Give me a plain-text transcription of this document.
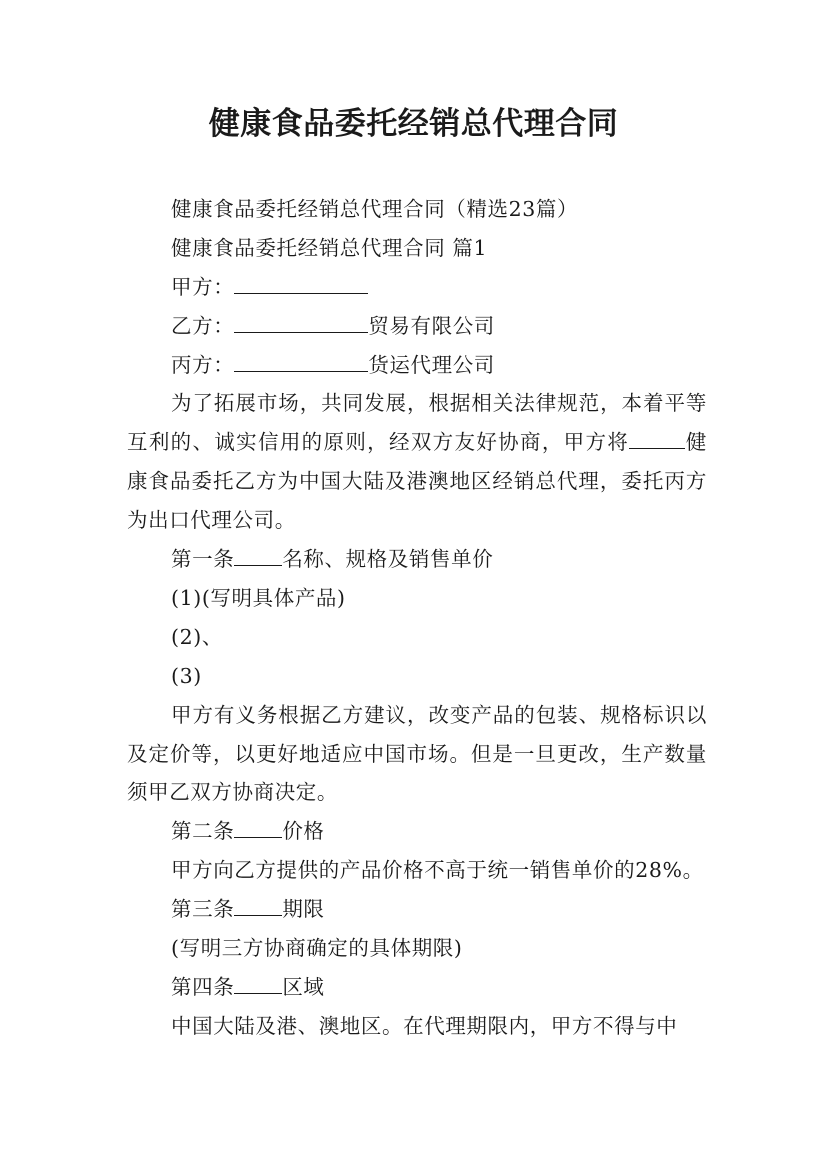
健康食品委托经销总代理合同
健康食品委托经销总代理合同（精选23篇）
健康食品委托经销总代理合同 篇1
甲方：
乙方：	贸易有限公司
丙方：	货运代理公司
为了拓展市场，共同发展，根据相关法律规范，本着平等互利的、诚实信用的原则，经双方友好协商，甲方将	健康食品委托乙方为中国大陆及港澳地区经销总代理，委托丙方为出口代理公司。
第一条 名称、规格及销售单价
(1)(写明具体产品)
(2)、
(3)
甲方有义务根据乙方建议，改变产品的包装、规格标识以及定价等，以更好地适应中国市场。但是一旦更改，生产数量须甲乙双方协商决定。
第二条 价格
甲方向乙方提供的产品价格不高于统一销售单价的28%。
第三条 期限
(写明三方协商确定的具体期限)
第四条 区域
中国大陆及港、澳地区。在代理期限内，甲方不得与中
